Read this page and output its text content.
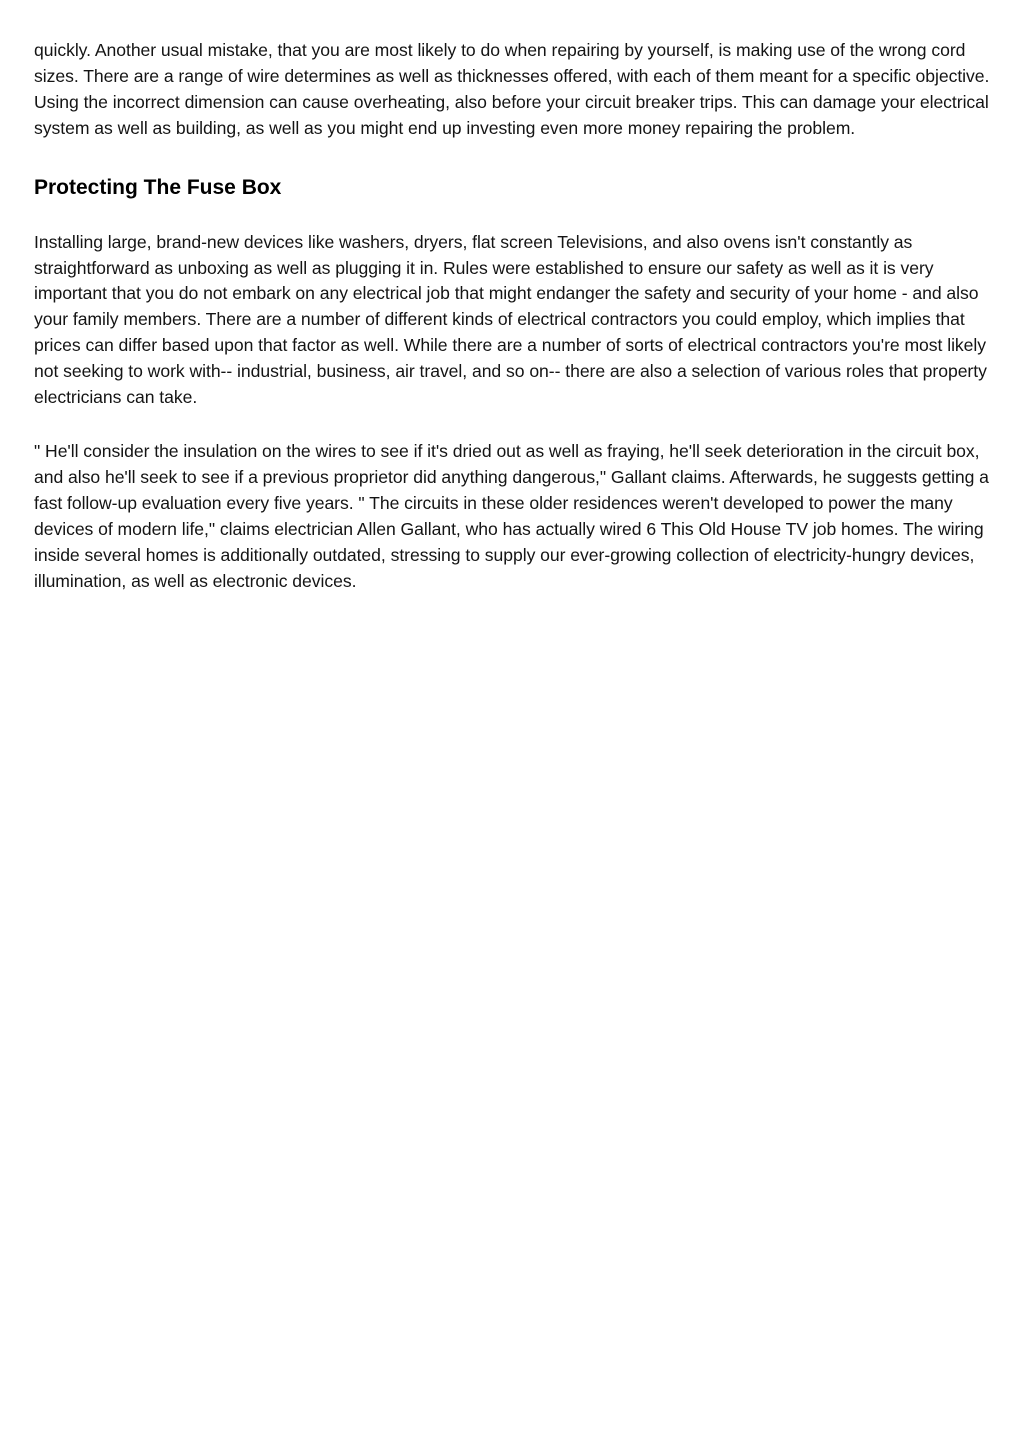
quickly. Another usual mistake, that you are most likely to do when repairing by yourself, is making use of the wrong cord sizes. There are a range of wire determines as well as thicknesses offered, with each of them meant for a specific objective. Using the incorrect dimension can cause overheating, also before your circuit breaker trips. This can damage your electrical system as well as building, as well as you might end up investing even more money repairing the problem.

Protecting The Fuse Box

Installing large, brand-new devices like washers, dryers, flat screen Televisions, and also ovens isn't constantly as straightforward as unboxing as well as plugging it in. Rules were established to ensure our safety as well as it is very important that you do not embark on any electrical job that might endanger the safety and security of your home - and also your family members. There are a number of different kinds of electrical contractors you could employ, which implies that prices can differ based upon that factor as well. While there are a number of sorts of electrical contractors you're most likely not seeking to work with-- industrial, business, air travel, and so on-- there are also a selection of various roles that property electricians can take.

" He'll consider the insulation on the wires to see if it's dried out as well as fraying, he'll seek deterioration in the circuit box, and also he'll seek to see if a previous proprietor did anything dangerous," Gallant claims. Afterwards, he suggests getting a fast follow-up evaluation every five years. " The circuits in these older residences weren't developed to power the many devices of modern life," claims electrician Allen Gallant, who has actually wired 6 This Old House TV job homes. The wiring inside several homes is additionally outdated, stressing to supply our ever-growing collection of electricity-hungry devices, illumination, as well as electronic devices.
